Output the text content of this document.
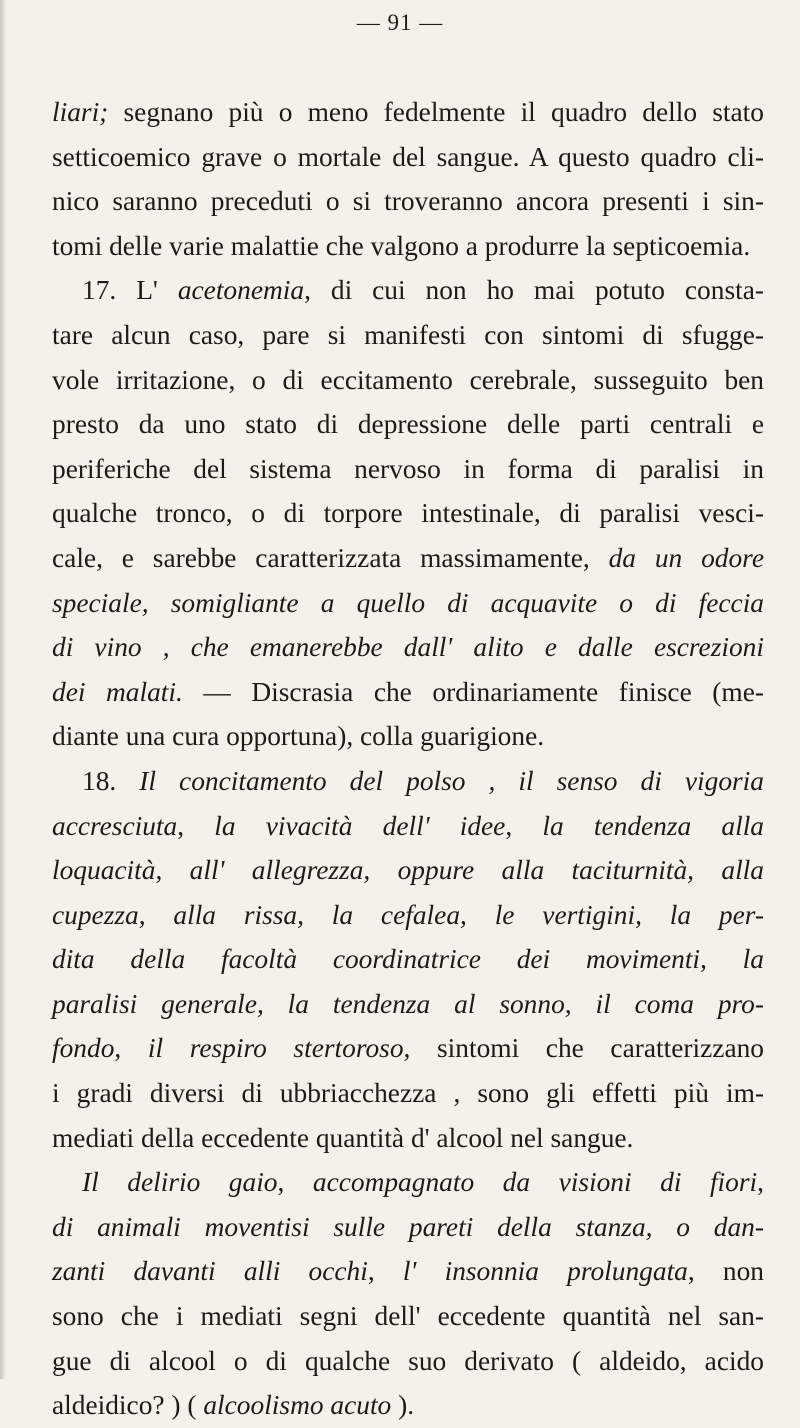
— 91 —
liari; segnano più o meno fedelmente il quadro dello stato
setticoemico grave o mortale del sangue. A questo quadro cli-
nico saranno preceduti o si troveranno ancora presenti i sin-
tomi delle varie malattie che valgono a produrre la septicoemia.
17. L' acetonemia, di cui non ho mai potuto consta-
tare alcun caso, pare si manifesti con sintomi di sfugge-
vole irritazione, o di eccitamento cerebrale, susseguito ben
presto da uno stato di depressione delle parti centrali e
periferiche del sistema nervoso in forma di paralisi in
qualche tronco, o di torpore intestinale, di paralisi vesci-
cale, e sarebbe caratterizzata massimamente, da un odore
speciale, somigliante a quello di acquavite o di feccia
di vino , che emanerebbe dall' alito e dalle escrezioni
dei malati. — Discrasia che ordinariamente finisce (me-
diante una cura opportuna), colla guarigione.
18. Il concitamento del polso , il senso di vigoria
accresciuta, la vivacità dell' idee, la tendenza alla
loquacità, all' allegrezza, oppure alla taciturnità, alla
cupezza, alla rissa, la cefalea, le vertigini, la per-
dita della facoltà coordinatrice dei movimenti, la
paralisi generale, la tendenza al sonno, il coma pro-
fondo, il respiro stertoroso, sintomi che caratterizzano
i gradi diversi di ubbriacchezza , sono gli effetti più im-
mediati della eccedente quantità d' alcool nel sangue.
Il delirio gaio, accompagnato da visioni di fiori,
di animali moventisi sulle pareti della stanza, o dan-
zanti davanti alli occhi, l' insonnia prolungata, non
sono che i mediati segni dell' eccedente quantità nel san-
gue di alcool o di qualche suo derivato ( aldeido, acido
aldeidico? ) ( alcoolismo acuto ).
